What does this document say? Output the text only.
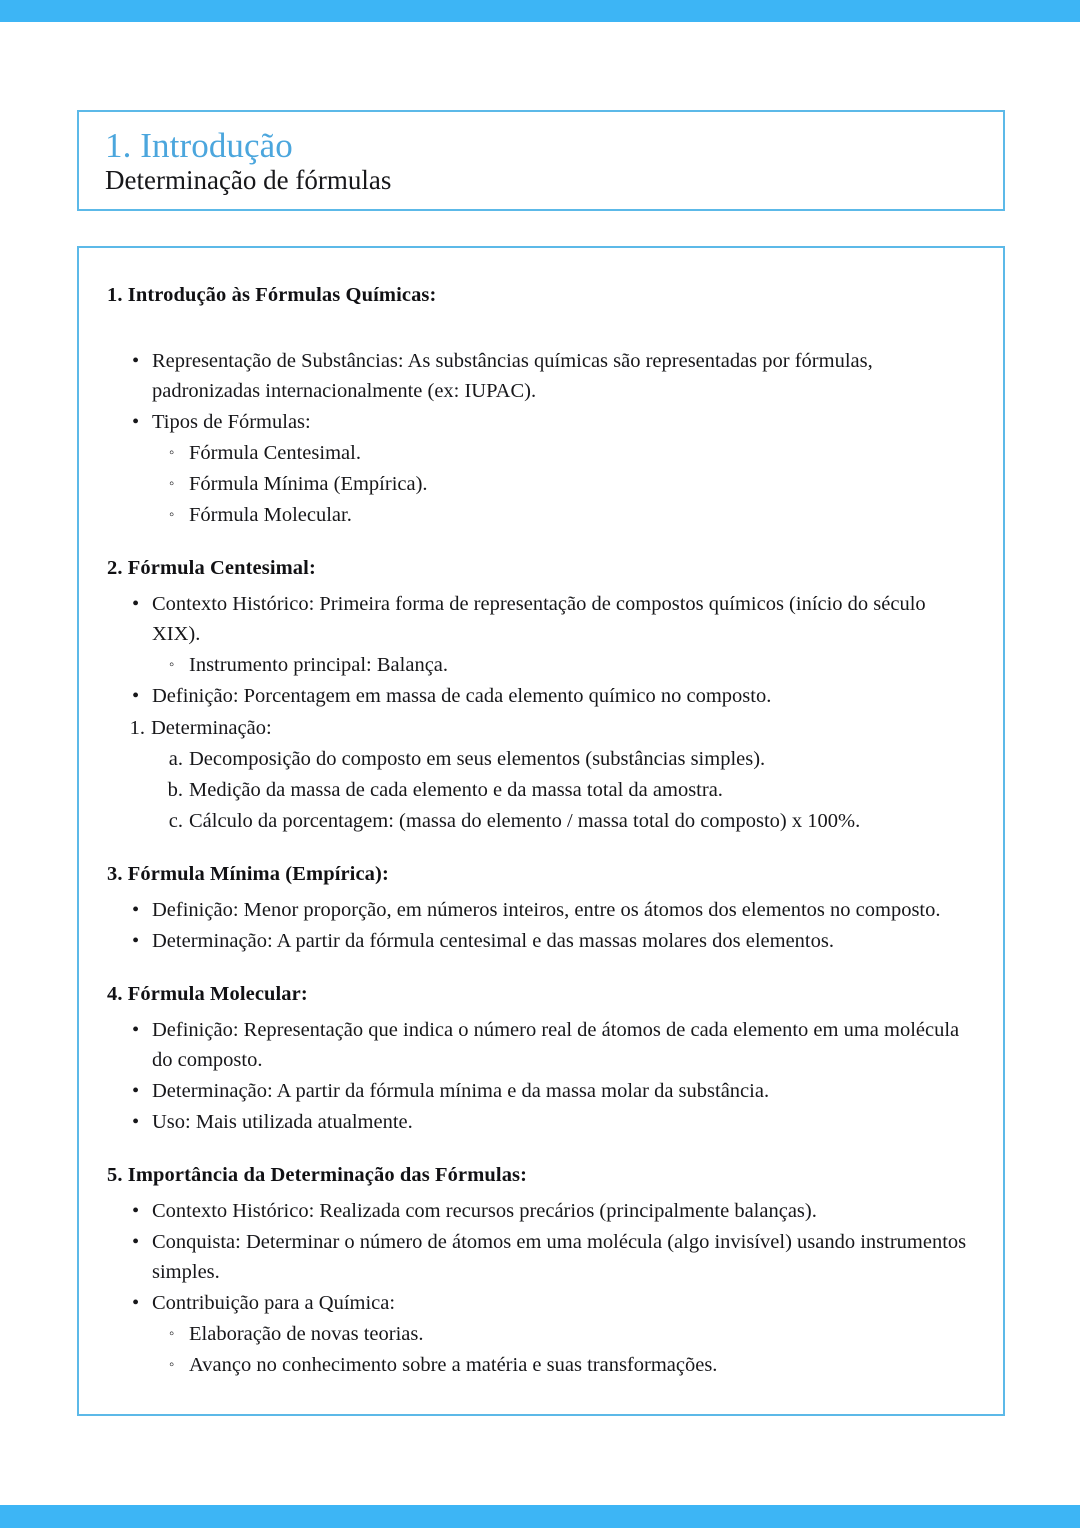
1. Introdução
Determinação de fórmulas

1. Introdução às Fórmulas Químicas:

• Representação de Substâncias: As substâncias químicas são representadas por fórmulas, padronizadas internacionalmente (ex: IUPAC).
• Tipos de Fórmulas:
◦ Fórmula Centesimal.
◦ Fórmula Mínima (Empírica).
◦ Fórmula Molecular.

2. Fórmula Centesimal:

• Contexto Histórico: Primeira forma de representação de compostos químicos (início do século XIX).
◦ Instrumento principal: Balança.
• Definição: Porcentagem em massa de cada elemento químico no composto.
1. Determinação:
a. Decomposição do composto em seus elementos (substâncias simples).
b. Medição da massa de cada elemento e da massa total da amostra.
c. Cálculo da porcentagem: (massa do elemento / massa total do composto) x 100%.

3. Fórmula Mínima (Empírica):

• Definição: Menor proporção, em números inteiros, entre os átomos dos elementos no composto.
• Determinação: A partir da fórmula centesimal e das massas molares dos elementos.

4. Fórmula Molecular:

• Definição: Representação que indica o número real de átomos de cada elemento em uma molécula do composto.
• Determinação: A partir da fórmula mínima e da massa molar da substância.
• Uso: Mais utilizada atualmente.

5. Importância da Determinação das Fórmulas:

• Contexto Histórico: Realizada com recursos precários (principalmente balanças).
• Conquista: Determinar o número de átomos em uma molécula (algo invisível) usando instrumentos simples.
• Contribuição para a Química:
◦ Elaboração de novas teorias.
◦ Avanço no conhecimento sobre a matéria e suas transformações.
